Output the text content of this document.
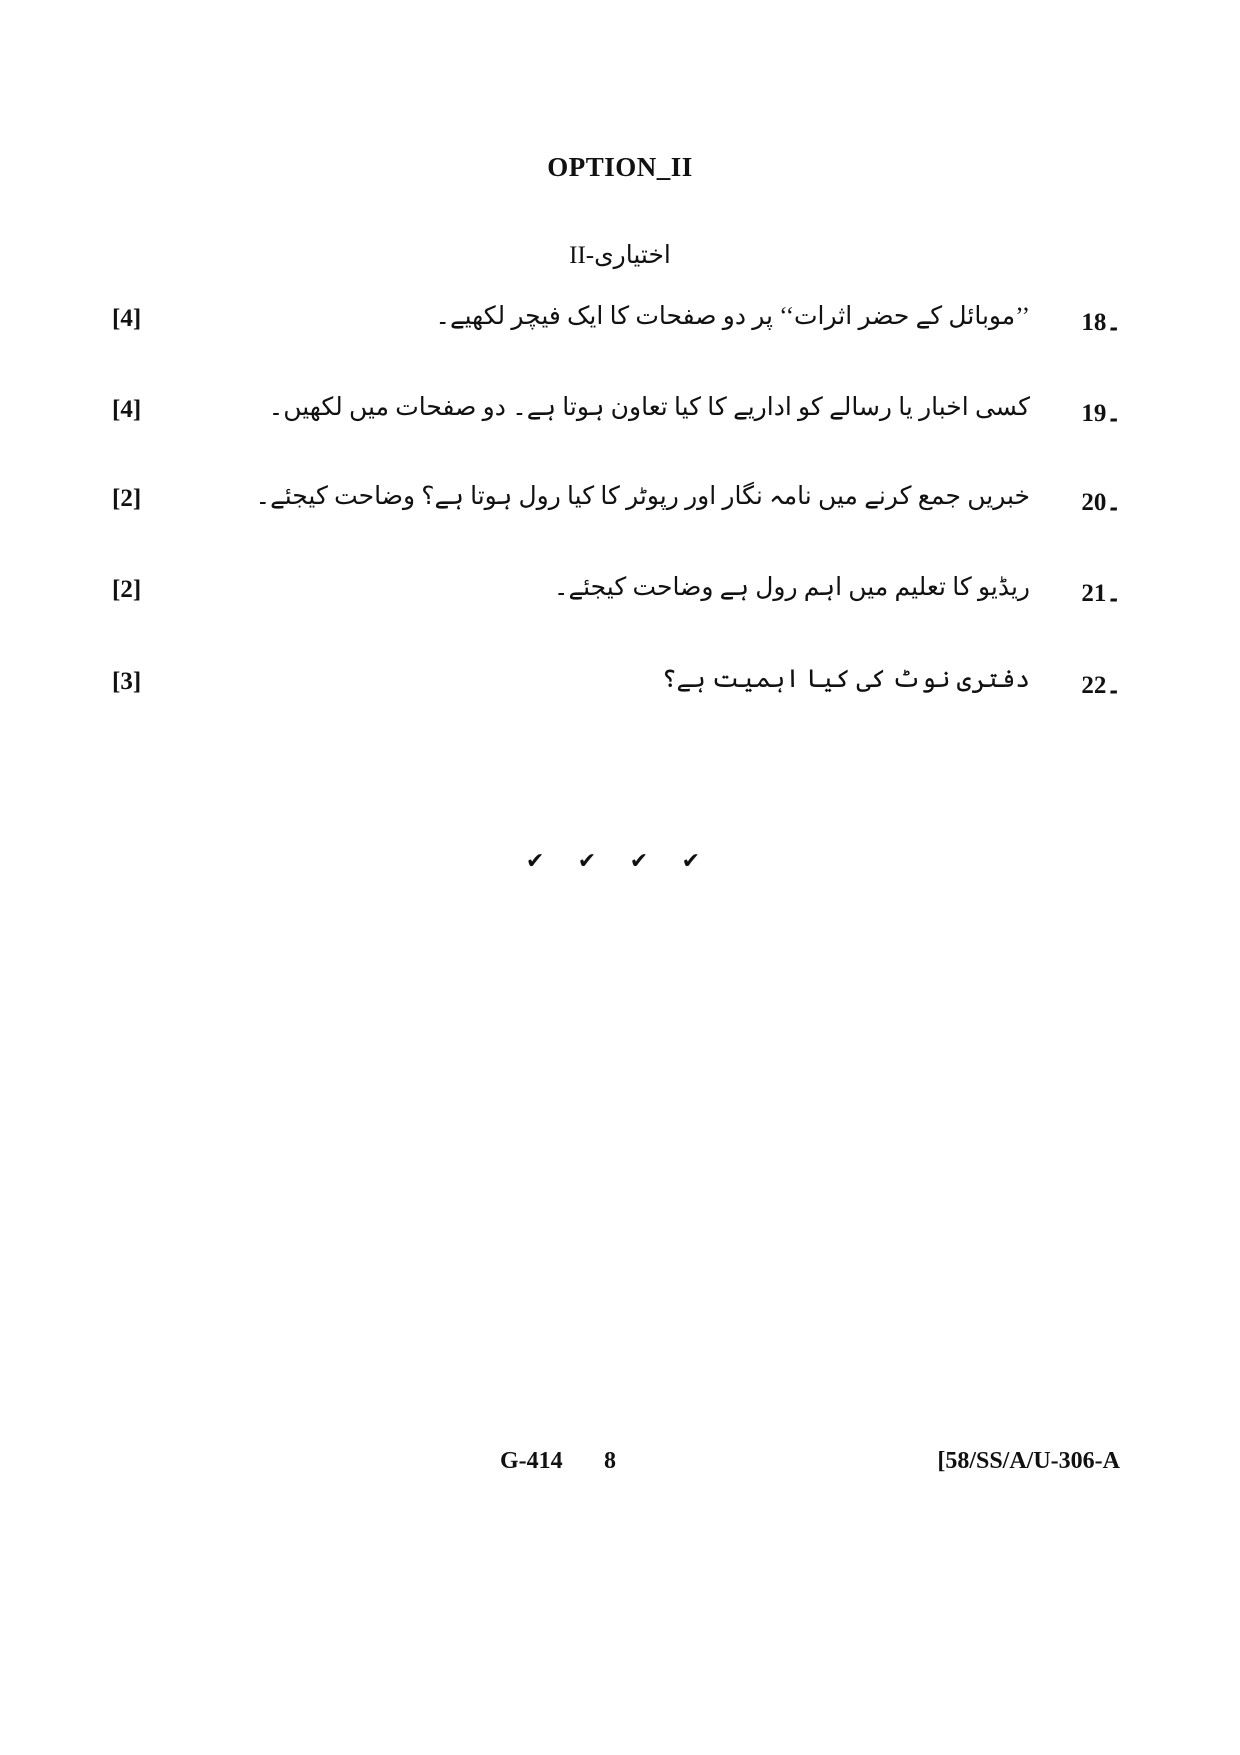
OPTION_II
اختیاری-II
[4]	’’موبائل کے حضر اثرات‘‘ پر دو صفحات کا ایک فیچر لکھیے۔ 18۔
[4]	کسی اخبار یا رسالے کو اداریے کا کیا تعاون ہوتا ہے۔ دو صفحات میں لکھیں۔ 19۔
[2]	خبریں جمع کرنے میں نامہ نگار اور رپوٹر کا کیا رول ہوتا ہے؟ وضاحت کیجئے۔ 20۔
[2]	ریڈیو کا تعلیم میں اہم رول ہے وضاحت کیجئے۔ 21۔
[3]	دفتری نوٹ کی کیا اہمیت ہے؟ 22۔
✔ ✔ ✔ ✔
G-414 8	[58/SS/A/U-306-A
